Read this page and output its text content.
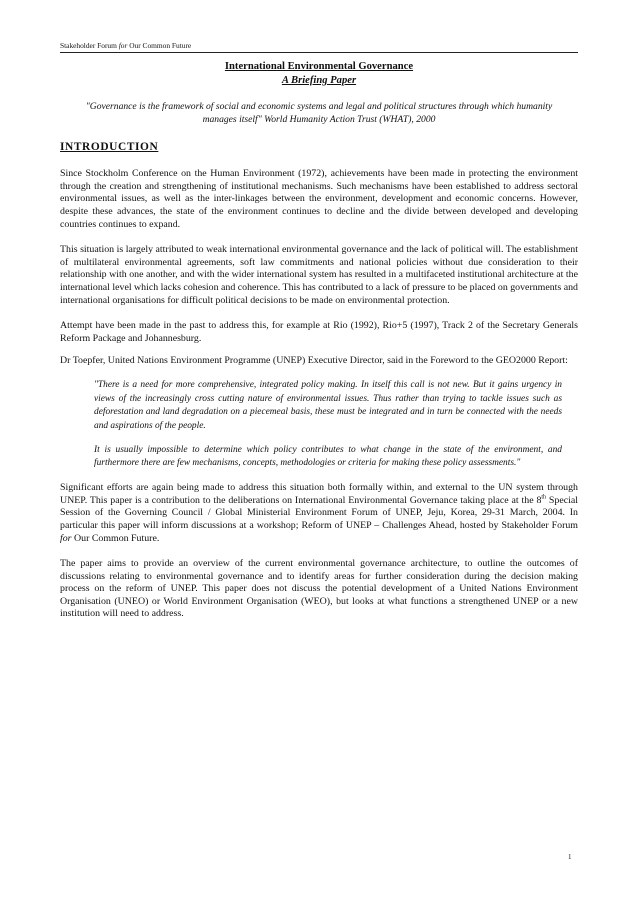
Stakeholder Forum for Our Common Future
International Environmental Governance
A Briefing Paper
"Governance is the framework of social and economic systems and legal and political structures through which humanity manages itself" World Humanity Action Trust (WHAT), 2000
INTRODUCTION

Since Stockholm Conference on the Human Environment (1972), achievements have been made in protecting the environment through the creation and strengthening of institutional mechanisms. Such mechanisms have been established to address sectoral environmental issues, as well as the inter-linkages between the environment, development and economic concerns. However, despite these advances, the state of the environment continues to decline and the divide between developed and developing countries continues to expand.

This situation is largely attributed to weak international environmental governance and the lack of political will. The establishment of multilateral environmental agreements, soft law commitments and national policies without due consideration to their relationship with one another, and with the wider international system has resulted in a multifaceted institutional architecture at the international level which lacks cohesion and coherence. This has contributed to a lack of pressure to be placed on governments and international organisations for difficult political decisions to be made on environmental protection.

Attempt have been made in the past to address this, for example at Rio (1992), Rio+5 (1997), Track 2 of the Secretary Generals Reform Package and Johannesburg.

Dr Toepfer, United Nations Environment Programme (UNEP) Executive Director, said in the Foreword to the GEO2000 Report:

"There is a need for more comprehensive, integrated policy making. In itself this call is not new. But it gains urgency in views of the increasingly cross cutting nature of environmental issues. Thus rather than trying to tackle issues such as deforestation and land degradation on a piecemeal basis, these must be integrated and in turn be connected with the needs and aspirations of the people.

It is usually impossible to determine which policy contributes to what change in the state of the environment, and furthermore there are few mechanisms, concepts, methodologies or criteria for making these policy assessments."

Significant efforts are again being made to address this situation both formally within, and external to the UN system through UNEP. This paper is a contribution to the deliberations on International Environmental Governance taking place at the 8th Special Session of the Governing Council / Global Ministerial Environment Forum of UNEP, Jeju, Korea, 29-31 March, 2004. In particular this paper will inform discussions at a workshop; Reform of UNEP – Challenges Ahead, hosted by Stakeholder Forum for Our Common Future.

The paper aims to provide an overview of the current environmental governance architecture, to outline the outcomes of discussions relating to environmental governance and to identify areas for further consideration during the decision making process on the reform of UNEP. This paper does not discuss the potential development of a United Nations Environment Organisation (UNEO) or World Environment Organisation (WEO), but looks at what functions a strengthened UNEP or a new institution will need to address.

1
